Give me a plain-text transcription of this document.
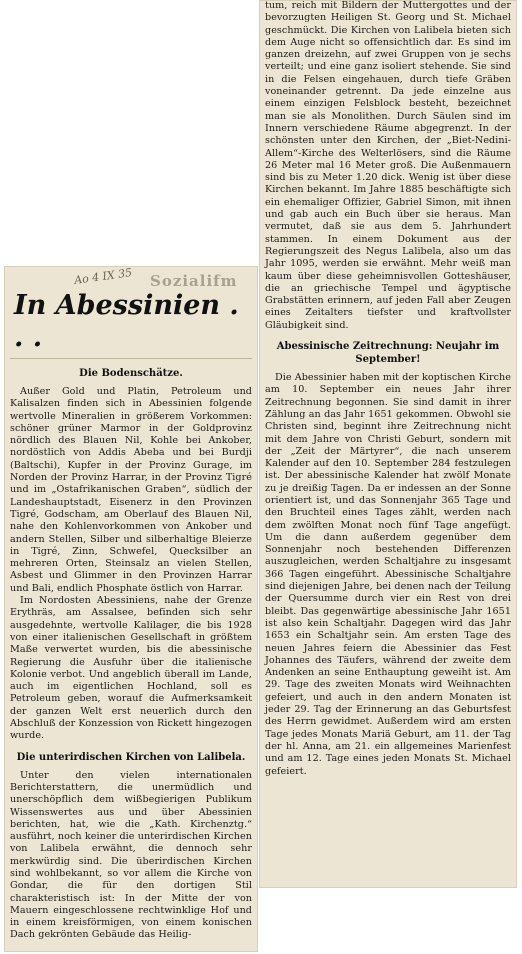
Ao 4 IX 35 Sozialifm
In Abessinien . . .
Die Bodenschätze.

Außer Gold und Platin, Petroleum und Kalisalzen finden sich in Abessinien folgende wertvolle Mineralien in größerem Vorkommen: schöner grüner Marmor in der Goldprovinz nördlich des Blauen Nil, Kohle bei Ankober, nordöstlich von Addis Abeba und bei Burdji (Baltschi), Kupfer in der Provinz Gurage, im Norden der Provinz Harrar, in der Provinz Tigré und im „Ostafrikanischen Graben“, südlich der Landeshauptstadt, Eisenerz in den Provinzen Tigré, Godscham, am Oberlauf des Blauen Nil, nahe den Kohlenvorkommen von Ankober und andern Stellen, Silber und silberhaltige Bleierze in Tigré, Zinn, Schwefel, Quecksilber an mehreren Orten, Steinsalz an vielen Stellen, Asbest und Glimmer in den Provinzen Harrar und Bali, endlich Phosphate östlich von Harrar.

Im Nordosten Abessiniens, nahe der Grenze Erythräs, am Assalsee, befinden sich sehr ausgedehnte, wertvolle Kalilager, die bis 1928 von einer italienischen Gesellschaft in größtem Maße verwertet wurden, bis die abessinische Regierung die Ausfuhr über die italienische Kolonie verbot. Und angeblich überall im Lande, auch im eigentlichen Hochland, soll es Petroleum geben, worauf die Aufmerksamkeit der ganzen Welt erst neuerlich durch den Abschluß der Konzession von Rickett hingezogen wurde.

Die unterirdischen Kirchen von Lalibela.

Unter den vielen internationalen Berichterstattern, die unermüdlich und unerschöpflich dem wißbegierigen Publikum Wissenswertes aus und über Abessinien berichten, hat, wie die „Kath. Kirchenztg.“ ausführt, noch keiner die unterirdischen Kirchen von Lalibela erwähnt, die dennoch sehr merkwürdig sind. Die überirdischen Kirchen sind wohlbekannt, so vor allem die Kirche von Gondar, die für den dortigen Stil charakteristisch ist: In der Mitte der von Mauern eingeschlossene rechtwinklige Hof und in einem kreisförmigen, von einem konischen Dach gekrönten Gebäude das Heilig-

tum, reich mit Bildern der Muttergottes und der bevorzugten Heiligen St. Georg und St. Michael geschmückt. Die Kirchen von Lalibela bieten sich dem Auge nicht so offensichtlich dar. Es sind im ganzen dreizehn, auf zwei Gruppen von je sechs verteilt; und eine ganz isoliert stehende. Sie sind in die Felsen eingehauen, durch tiefe Gräben voneinander getrennt. Da jede einzelne aus einem einzigen Felsblock besteht, bezeichnet man sie als Monolithen. Durch Säulen sind im Innern verschiedene Räume abgegrenzt. In der schönsten unter den Kirchen, der „Biet-Nedini-Allem“-Kirche des Welterlösers, sind die Räume 26 Meter mal 16 Meter groß. Die Außenmauern sind bis zu Meter 1.20 dick. Wenig ist über diese Kirchen bekannt. Im Jahre 1885 beschäftigte sich ein ehemaliger Offizier, Gabriel Simon, mit ihnen und gab auch ein Buch über sie heraus. Man vermutet, daß sie aus dem 5. Jahrhundert stammen. In einem Dokument aus der Regierungszeit des Negus Lalibela, also um das Jahr 1095, werden sie erwähnt. Mehr weiß man kaum über diese geheimnisvollen Gotteshäuser, die an griechische Tempel und ägyptische Grabstätten erinnern, auf jeden Fall aber Zeugen eines Zeitalters tiefster und kraftvollster Gläubigkeit sind.

Abessinische Zeitrechnung: Neujahr im September!

Die Abessinier haben mit der koptischen Kirche am 10. September ein neues Jahr ihrer Zeitrechnung begonnen. Sie sind damit in ihrer Zählung an das Jahr 1651 gekommen. Obwohl sie Christen sind, beginnt ihre Zeitrechnung nicht mit dem Jahre von Christi Geburt, sondern mit der „Zeit der Märtyrer“, die nach unserem Kalender auf den 10. September 284 festzulegen ist. Der abessinische Kalender hat zwölf Monate zu je dreißig Tagen. Da er indessen an der Sonne orientiert ist, und das Sonnenjahr 365 Tage und den Bruchteil eines Tages zählt, werden nach dem zwölften Monat noch fünf Tage angefügt. Um die dann außerdem gegenüber dem Sonnenjahr noch bestehenden Differenzen auszugleichen, werden Schaltjahre zu insgesamt 366 Tagen eingeführt. Abessinische Schaltjahre sind diejenigen Jahre, bei denen nach der Teilung der Quersumme durch vier ein Rest von drei bleibt. Das gegenwärtige abessinische Jahr 1651 ist also kein Schaltjahr. Dagegen wird das Jahr 1653 ein Schaltjahr sein. Am ersten Tage des neuen Jahres feiern die Abessinier das Fest Johannes des Täufers, während der zweite dem Andenken an seine Enthauptung geweiht ist. Am 29. Tage des zweiten Monats wird Weihnachten gefeiert, und auch in den andern Monaten ist jeder 29. Tag der Erinnerung an das Geburtsfest des Herrn gewidmet. Außerdem wird am ersten Tage jedes Monats Mariä Geburt, am 11. der Tag der hl. Anna, am 21. ein allgemeines Marienfest und am 12. Tage eines jeden Monats St. Michael gefeiert.
